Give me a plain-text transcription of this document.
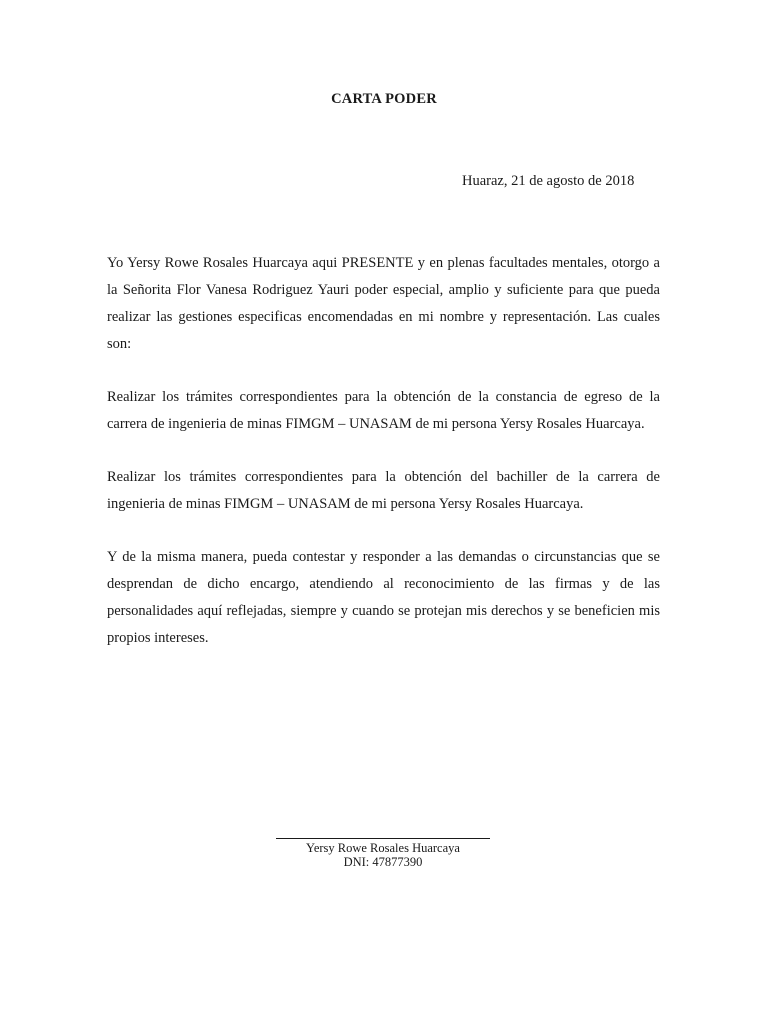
CARTA PODER
Huaraz, 21 de agosto de 2018

Yo Yersy Rowe Rosales Huarcaya aqui PRESENTE y en plenas facultades mentales, otorgo a la Señorita Flor Vanesa Rodriguez Yauri poder especial, amplio y suficiente para que pueda realizar las gestiones especificas encomendadas en mi nombre y representación. Las cuales son:

Realizar los trámites correspondientes para la obtención de la constancia de egreso de la carrera de ingenieria de minas FIMGM – UNASAM de mi persona Yersy Rosales Huarcaya.

Realizar los trámites correspondientes para la obtención del bachiller de la carrera de ingenieria de minas FIMGM – UNASAM de mi persona Yersy Rosales Huarcaya.

Y de la misma manera, pueda contestar y responder a las demandas o circunstancias que se desprendan de dicho encargo, atendiendo al reconocimiento de las firmas y de las personalidades aquí reflejadas, siempre y cuando se protejan mis derechos y se beneficien mis propios intereses.

Yersy Rowe Rosales Huarcaya
DNI: 47877390
